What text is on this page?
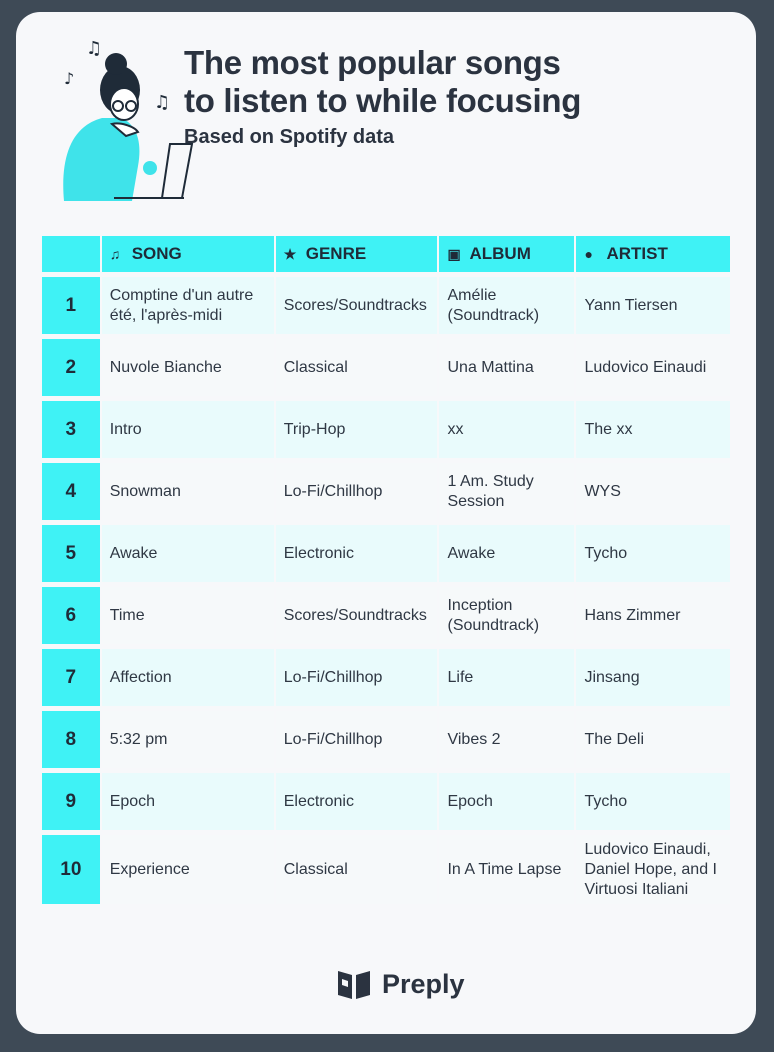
♫
♪
♫
The most popular songs
to listen to while focusing
Based on Spotify data
	♫ SONG	★ GENRE	▣ ALBUM	● ARTIST
1	Comptine d'un autre été, l'après-midi	Scores/Soundtracks	Amélie (Soundtrack)	Yann Tiersen
2	Nuvole Bianche	Classical	Una Mattina	Ludovico Einaudi
3	Intro	Trip-Hop	xx	The xx
4	Snowman	Lo-Fi/Chillhop	1 Am. Study Session	WYS
5	Awake	Electronic	Awake	Tycho
6	Time	Scores/Soundtracks	Inception (Soundtrack)	Hans Zimmer
7	Affection	Lo-Fi/Chillhop	Life	Jinsang
8	5:32 pm	Lo-Fi/Chillhop	Vibes 2	The Deli
9	Epoch	Electronic	Epoch	Tycho
10	Experience	Classical	In A Time Lapse	Ludovico Einaudi, Daniel Hope, and I Virtuosi Italiani
Preply
